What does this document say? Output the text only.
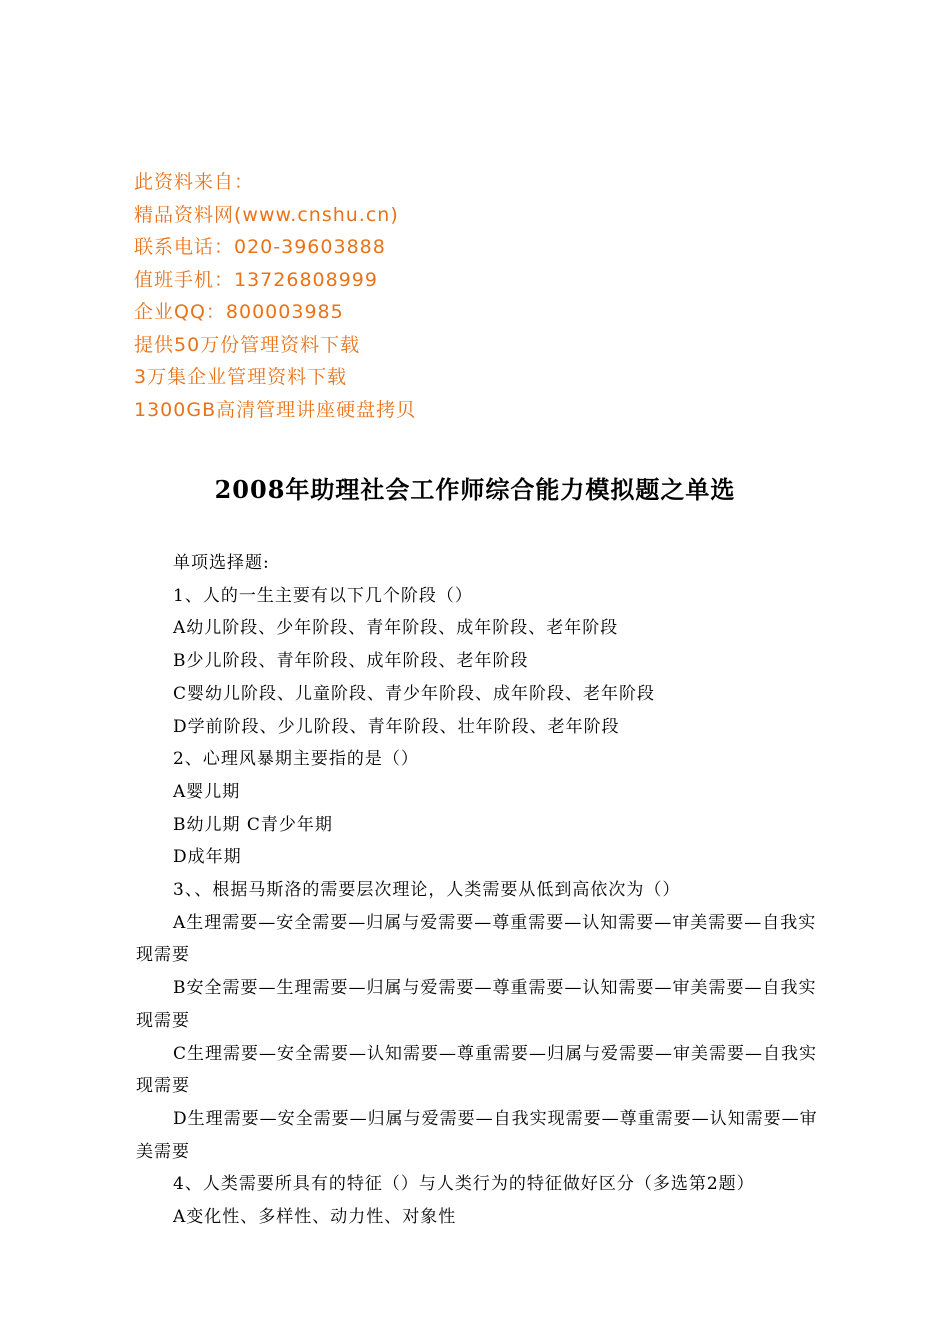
此资料来自：
精品资料网(www.cnshu.cn)
联系电话：020-39603888
值班手机：13726808999
企业QQ：800003985
提供50万份管理资料下载
3万集企业管理资料下载
1300GB高清管理讲座硬盘拷贝
2008年助理社会工作师综合能力模拟题之单选

单项选择题:

1、人的一生主要有以下几个阶段（）

A幼儿阶段、少年阶段、青年阶段、成年阶段、老年阶段

B少儿阶段、青年阶段、成年阶段、老年阶段

C婴幼儿阶段、儿童阶段、青少年阶段、成年阶段、老年阶段

D学前阶段、少儿阶段、青年阶段、壮年阶段、老年阶段

2、心理风暴期主要指的是（）

A婴儿期

B幼儿期 C青少年期

D成年期

3、、根据马斯洛的需要层次理论，人类需要从低到高依次为（）

A生理需要—安全需要—归属与爱需要—尊重需要—认知需要—审美需要—自我实现需要

B安全需要—生理需要—归属与爱需要—尊重需要—认知需要—审美需要—自我实现需要

C生理需要—安全需要—认知需要—尊重需要—归属与爱需要—审美需要—自我实现需要

D生理需要—安全需要—归属与爱需要—自我实现需要—尊重需要—认知需要—审美需要

4、人类需要所具有的特征（）与人类行为的特征做好区分（多选第2题）

A变化性、多样性、动力性、对象性
